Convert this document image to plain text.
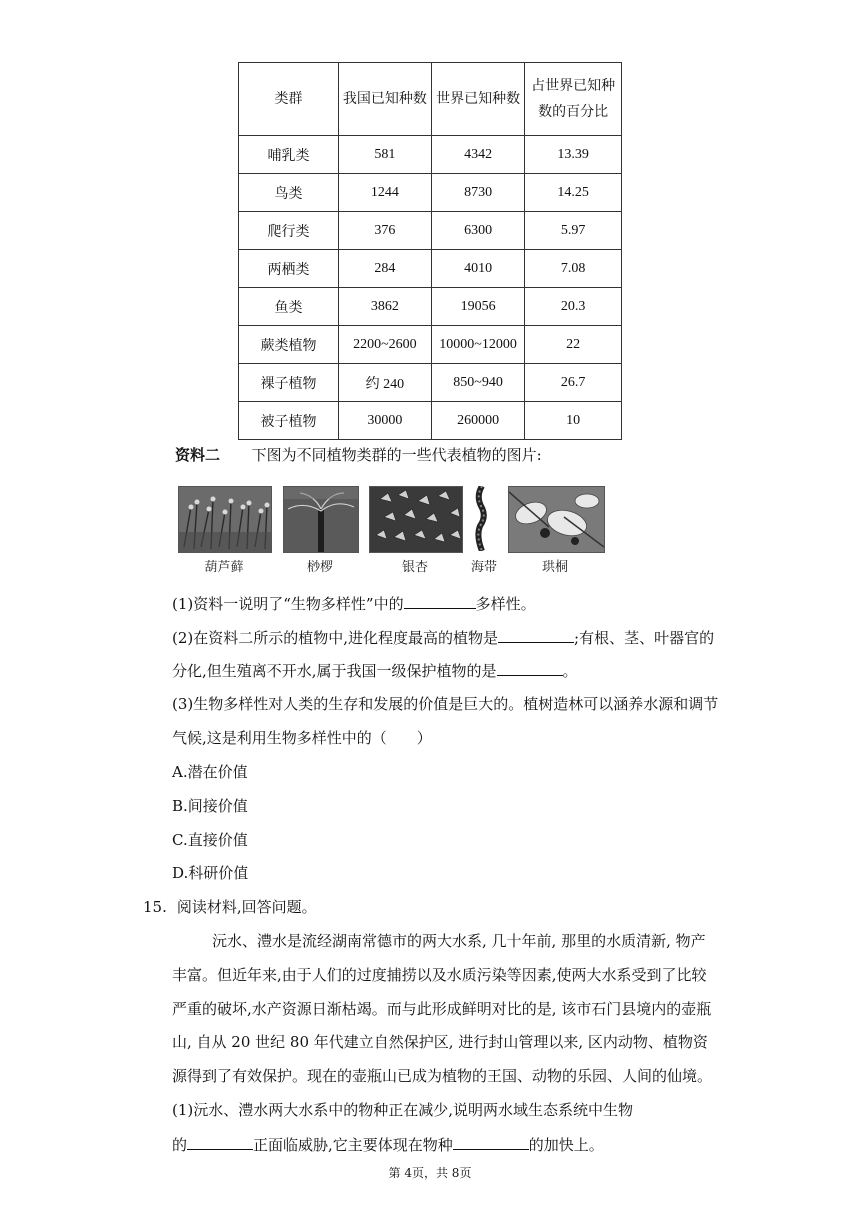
类群	我国已知种数	世界已知种数	占世界已知种数的百分比
哺乳类	581	4342	13.39
鸟类	1244	8730	14.25
爬行类	376	6300	5.97
两栖类	284	4010	7.08
鱼类	3862	19056	20.3
蕨类植物	2200~2600	10000~12000	22
裸子植物	约 240	850~940	26.7
被子植物	30000	260000	10
资料二 下图为不同植物类群的一些代表植物的图片:
葫芦藓	桫椤	银杏	海带	珙桐
(1)资料一说明了“生物多样性”中的	多样性。
(2)在资料二所示的植物中,进化程度最高的植物是	;有根、茎、叶器官的
分化,但生殖离不开水,属于我国一级保护植物的是	。
(3)生物多样性对人类的生存和发展的价值是巨大的。植树造林可以涵养水源和调节
气候,这是利用生物多样性中的（　　）
A.潜在价值
B.间接价值
C.直接价值
D.科研价值
15. 阅读材料,回答问题。
沅水、澧水是流经湖南常德市的两大水系, 几十年前, 那里的水质清新, 物产
丰富。但近年来,由于人们的过度捕捞以及水质污染等因素,使两大水系受到了比较
严重的破坏,水产资源日渐枯竭。而与此形成鲜明对比的是, 该市石门县境内的壶瓶
山, 自从 20 世纪 80 年代建立自然保护区, 进行封山管理以来, 区内动物、植物资
源得到了有效保护。现在的壶瓶山已成为植物的王国、动物的乐园、人间的仙境。
(1)沅水、澧水两大水系中的物种正在减少,说明两水域生态系统中生物
的	正面临威胁,它主要体现在物种	的加快上。
第 4页，共 8页
